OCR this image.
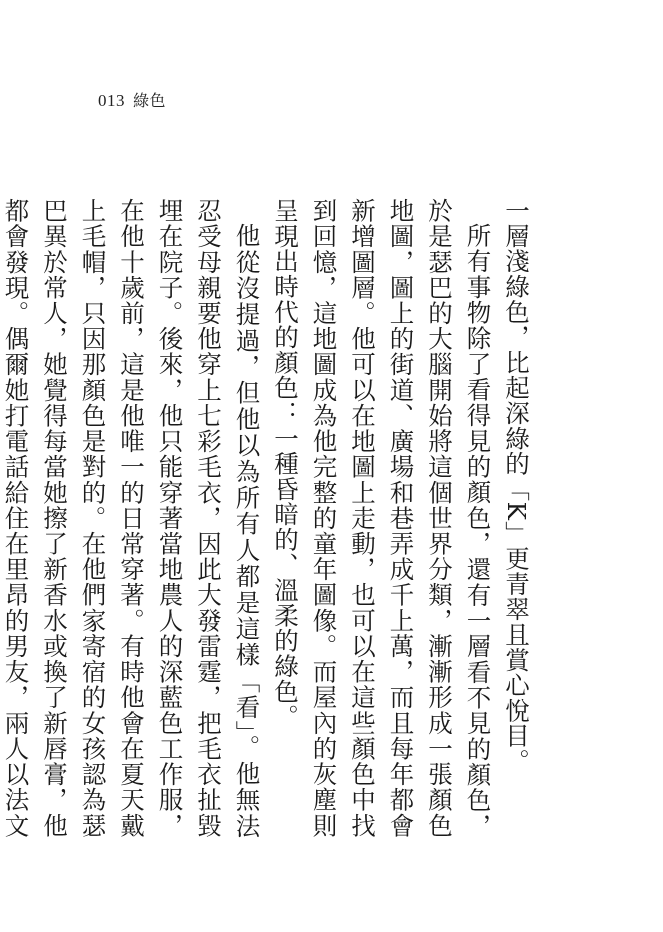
013 綠色

一層淺綠色，比起深綠的「K」更青翠且賞心悅目。

所有事物除了看得見的顏色，還有一層看不見的顏色，於是瑟巴的大腦開始將這個世界分類，漸漸形成一張顏色地圖，圖上的街道、廣場和巷弄成千上萬，而且每年都會新增圖層。他可以在地圖上走動，也可以在這些顏色中找到回憶，這地圖成為他完整的童年圖像。而屋內的灰塵則呈現出時代的顏色：一種昏暗的、溫柔的綠色。

他從沒提過，但他以為所有人都是這樣「看」。他無法忍受母親要他穿上七彩毛衣，因此大發雷霆，把毛衣扯毀埋在院子。後來，他只能穿著當地農人的深藍色工作服，在他十歲前，這是他唯一的日常穿著。有時他會在夏天戴上毛帽，只因那顏色是對的。在他們家寄宿的女孩認為瑟巴異於常人，她覺得每當她擦了新香水或換了新唇膏，他都會發現。偶爾她打電話給住在里昂的男友，兩人以法文
